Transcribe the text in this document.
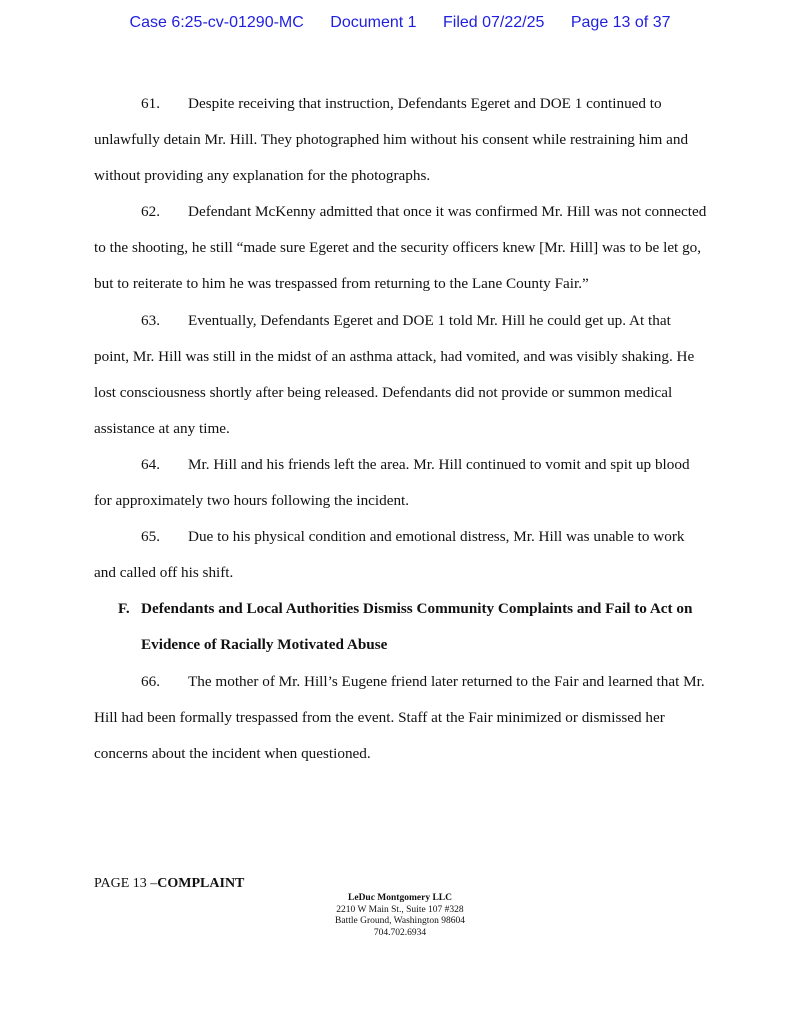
Case 6:25-cv-01290-MC Document 1 Filed 07/22/25 Page 13 of 37

61. Despite receiving that instruction, Defendants Egeret and DOE 1 continued to unlawfully detain Mr. Hill. They photographed him without his consent while restraining him and without providing any explanation for the photographs.

62. Defendant McKenny admitted that once it was confirmed Mr. Hill was not connected to the shooting, he still “made sure Egeret and the security officers knew [Mr. Hill] was to be let go, but to reiterate to him he was trespassed from returning to the Lane County Fair.”

63. Eventually, Defendants Egeret and DOE 1 told Mr. Hill he could get up. At that point, Mr. Hill was still in the midst of an asthma attack, had vomited, and was visibly shaking. He lost consciousness shortly after being released. Defendants did not provide or summon medical assistance at any time.

64. Mr. Hill and his friends left the area. Mr. Hill continued to vomit and spit up blood for approximately two hours following the incident.

65. Due to his physical condition and emotional distress, Mr. Hill was unable to work and called off his shift.

F. Defendants and Local Authorities Dismiss Community Complaints and Fail to Act on Evidence of Racially Motivated Abuse

66. The mother of Mr. Hill’s Eugene friend later returned to the Fair and learned that Mr. Hill had been formally trespassed from the event. Staff at the Fair minimized or dismissed her concerns about the incident when questioned.

PAGE 13 –COMPLAINT
LeDuc Montgomery LLC
2210 W Main St., Suite 107 #328
Battle Ground, Washington 98604
704.702.6934
